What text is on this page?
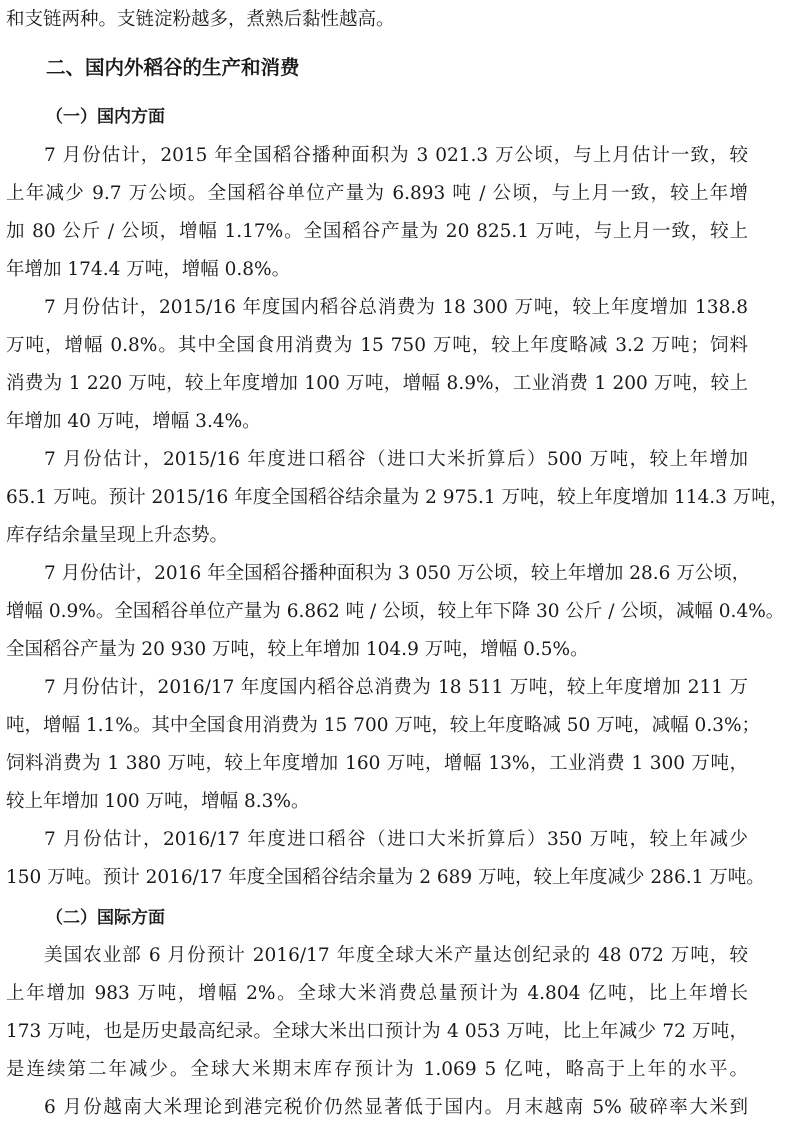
和支链两种。支链淀粉越多，煮熟后黏性越高。
二、国内外稻谷的生产和消费
（一）国内方面
7 月份估计，2015 年全国稻谷播种面积为 3 021.3 万公顷，与上月估计一致，较
上年减少 9.7 万公顷。全国稻谷单位产量为 6.893 吨 / 公顷，与上月一致，较上年增
加 80 公斤 / 公顷，增幅 1.17%。全国稻谷产量为 20 825.1 万吨，与上月一致，较上
年增加 174.4 万吨，增幅 0.8%。
7 月份估计，2015/16 年度国内稻谷总消费为 18 300 万吨，较上年度增加 138.8
万吨，增幅 0.8%。其中全国食用消费为 15 750 万吨，较上年度略减 3.2 万吨；饲料
消费为 1 220 万吨，较上年度增加 100 万吨，增幅 8.9%，工业消费 1 200 万吨，较上
年增加 40 万吨，增幅 3.4%。
7 月份估计，2015/16 年度进口稻谷（进口大米折算后）500 万吨，较上年增加
65.1 万吨。预计 2015/16 年度全国稻谷结余量为 2 975.1 万吨，较上年度增加 114.3 万吨，
库存结余量呈现上升态势。
7 月份估计，2016 年全国稻谷播种面积为 3 050 万公顷，较上年增加 28.6 万公顷，
增幅 0.9%。全国稻谷单位产量为 6.862 吨 / 公顷，较上年下降 30 公斤 / 公顷，减幅 0.4%。
全国稻谷产量为 20 930 万吨，较上年增加 104.9 万吨，增幅 0.5%。
7 月份估计，2016/17 年度国内稻谷总消费为 18 511 万吨，较上年度增加 211 万
吨，增幅 1.1%。其中全国食用消费为 15 700 万吨，较上年度略减 50 万吨，减幅 0.3%；
饲料消费为 1 380 万吨，较上年度增加 160 万吨，增幅 13%，工业消费 1 300 万吨，
较上年增加 100 万吨，增幅 8.3%。
7 月份估计，2016/17 年度进口稻谷（进口大米折算后）350 万吨，较上年减少
150 万吨。预计 2016/17 年度全国稻谷结余量为 2 689 万吨，较上年度减少 286.1 万吨。
（二）国际方面
美国农业部 6 月份预计 2016/17 年度全球大米产量达创纪录的 48 072 万吨，较
上年增加 983 万吨，增幅 2%。全球大米消费总量预计为 4.804 亿吨，比上年增长
173 万吨，也是历史最高纪录。全球大米出口预计为 4 053 万吨，比上年减少 72 万吨，
是连续第二年减少。全球大米期末库存预计为 1.069 5 亿吨，略高于上年的水平。
6 月份越南大米理论到港完税价仍然显著低于国内。月末越南 5% 破碎率大米到
